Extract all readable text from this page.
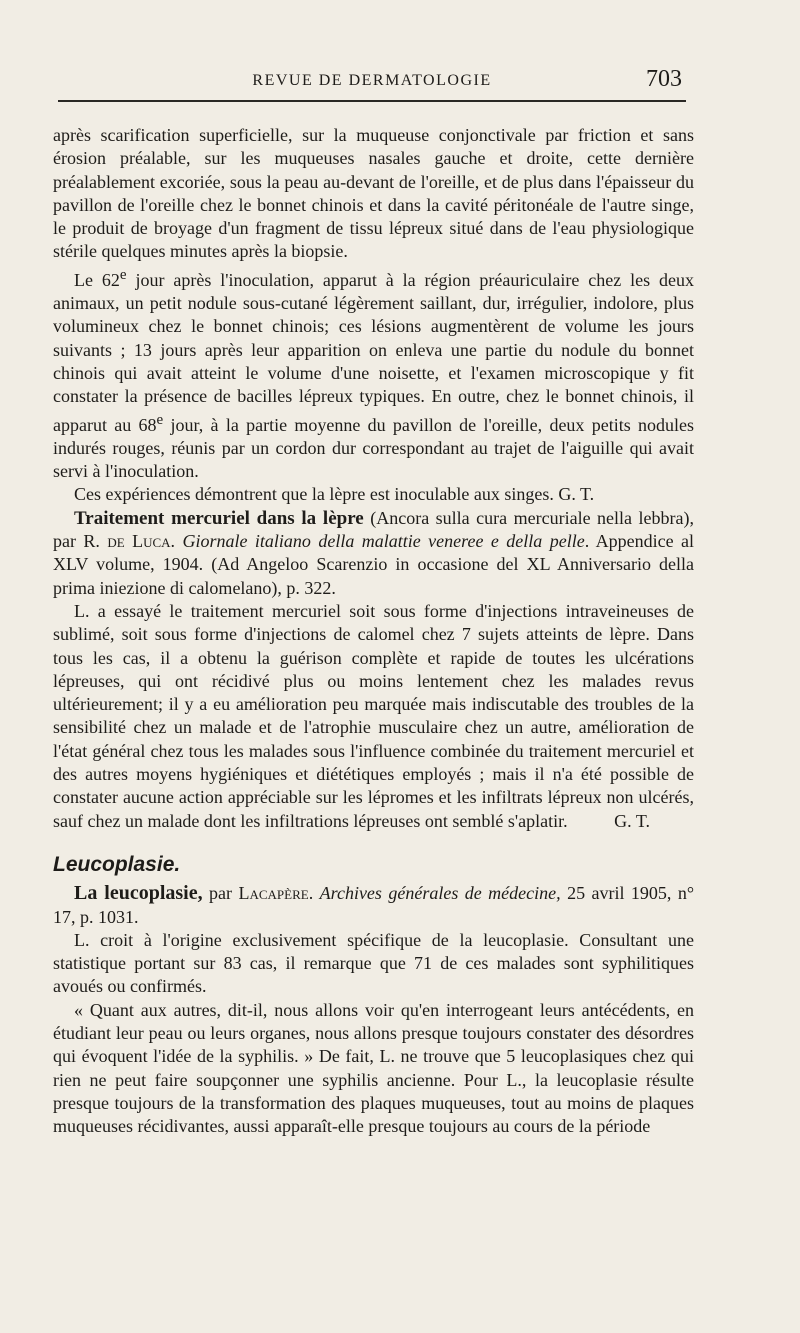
REVUE DE DERMATOLOGIE	703

après scarification superficielle, sur la muqueuse conjonctivale par friction et sans érosion préalable, sur les muqueuses nasales gauche et droite, cette dernière préalablement excoriée, sous la peau au-devant de l'oreille, et de plus dans l'épaisseur du pavillon de l'oreille chez le bonnet chinois et dans la cavité péritonéale de l'autre singe, le produit de broyage d'un fragment de tissu lépreux situé dans de l'eau physiologique stérile quelques minutes après la biopsie.

Le 62e jour après l'inoculation, apparut à la région préauriculaire chez les deux animaux, un petit nodule sous-cutané légèrement saillant, dur, irrégulier, indolore, plus volumineux chez le bonnet chinois; ces lésions augmentèrent de volume les jours suivants ; 13 jours après leur apparition on enleva une partie du nodule du bonnet chinois qui avait atteint le volume d'une noisette, et l'examen microscopique y fit constater la présence de bacilles lépreux typiques. En outre, chez le bonnet chinois, il apparut au 68e jour, à la partie moyenne du pavillon de l'oreille, deux petits nodules indurés rouges, réunis par un cordon dur correspondant au trajet de l'aiguille qui avait servi à l'inoculation.

Ces expériences démontrent que la lèpre est inoculable aux singes. G. T.

Traitement mercuriel dans la lèpre (Ancora sulla cura mercuriale nella lebbra), par R. de Luca. Giornale italiano della malattie veneree e della pelle. Appendice al XLV volume, 1904. (Ad Angeloo Scarenzio in occasione del XL Anniversario della prima iniezione di calomelano), p. 322.

L. a essayé le traitement mercuriel soit sous forme d'injections intraveineuses de sublimé, soit sous forme d'injections de calomel chez 7 sujets atteints de lèpre. Dans tous les cas, il a obtenu la guérison complète et rapide de toutes les ulcérations lépreuses, qui ont récidivé plus ou moins lentement chez les malades revus ultérieurement; il y a eu amélioration peu marquée mais indiscutable des troubles de la sensibilité chez un malade et de l'atrophie musculaire chez un autre, amélioration de l'état général chez tous les malades sous l'influence combinée du traitement mercuriel et des autres moyens hygiéniques et diététiques employés ; mais il n'a été possible de constater aucune action appréciable sur les lépromes et les infiltrats lépreux non ulcérés, sauf chez un malade dont les infiltrations lépreuses ont semblé s'aplatir.	G. T.

Leucoplasie.

La leucoplasie, par Lacapère. Archives générales de médecine, 25 avril 1905, n° 17, p. 1031.

L. croit à l'origine exclusivement spécifique de la leucoplasie. Consultant une statistique portant sur 83 cas, il remarque que 71 de ces malades sont syphilitiques avoués ou confirmés.

« Quant aux autres, dit-il, nous allons voir qu'en interrogeant leurs antécédents, en étudiant leur peau ou leurs organes, nous allons presque toujours constater des désordres qui évoquent l'idée de la syphilis. » De fait, L. ne trouve que 5 leucoplasiques chez qui rien ne peut faire soupçonner une syphilis ancienne. Pour L., la leucoplasie résulte presque toujours de la transformation des plaques muqueuses, tout au moins de plaques muqueuses récidivantes, aussi apparaît-elle presque toujours au cours de la période
